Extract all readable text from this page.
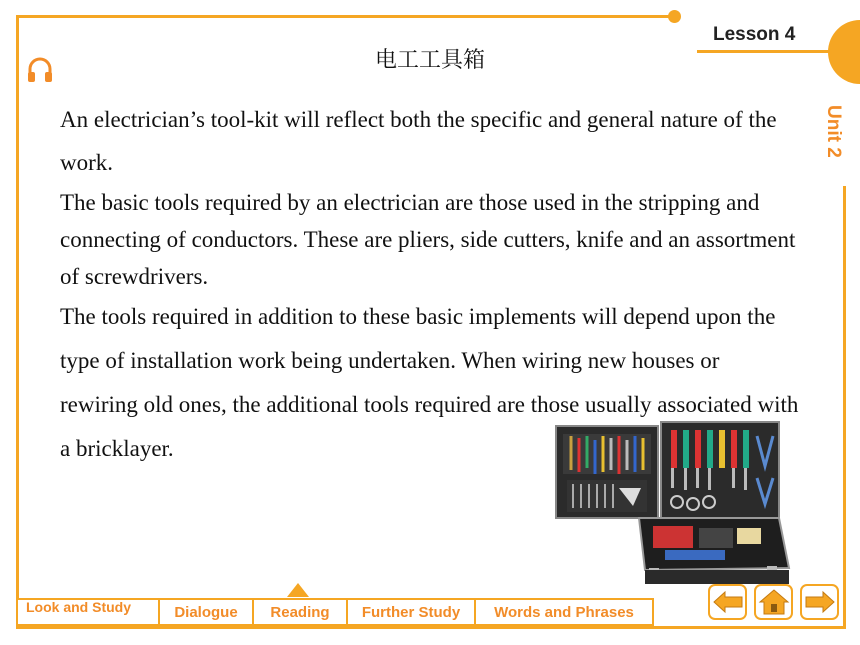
Lesson 4
Unit 2
电工工具箱

An electrician’s tool-kit will reflect both the specific and general nature of the work.

The basic tools required by an electrician are those used in the stripping and connecting of conductors. These are pliers, side cutters, knife and an assortment of screwdrivers.

The tools required in addition to these basic implements will depend upon the type of installation work being undertaken. When wiring new houses or rewiring old ones, the additional tools required are those usually associated with a bricklayer.

Look and Study	Dialogue	Reading	Further Study	Words and Phrases
